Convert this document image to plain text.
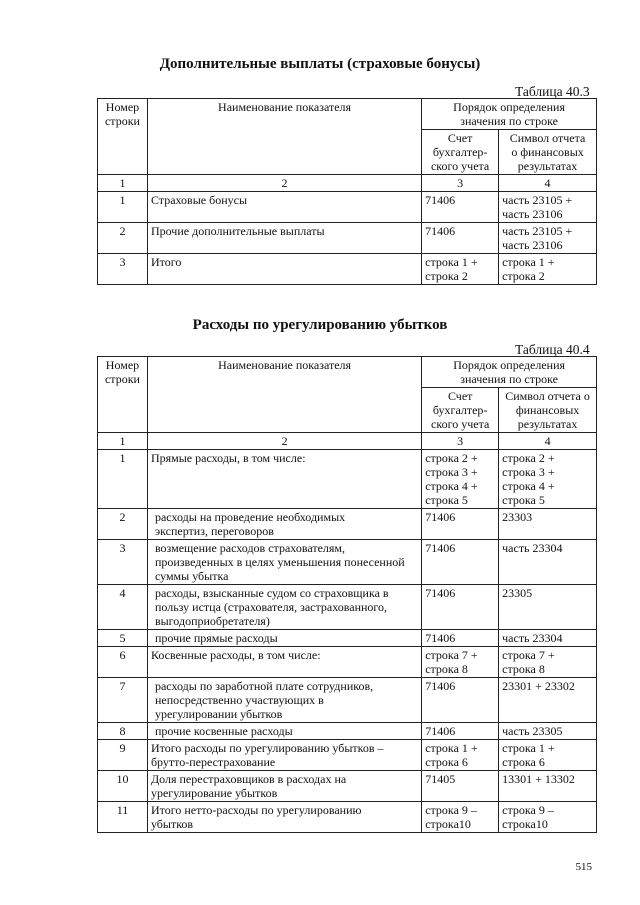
Дополнительные выплаты (страховые бонусы)
Таблица 40.3
Номер
строки	Наименование показателя	Порядок определения
значения по строке	
		Счет
бухгалтер-
ского учета	Символ отчета
о финансовых
результатах
1	2	3	4
1	Страховые бонусы	71406	часть 23105 +
часть 23106
2	Прочие дополнительные выплаты	71406	часть 23105 +
часть 23106
3	Итого	строка 1 +
строка 2	строка 1 +
строка 2
Расходы по урегулированию убытков
Таблица 40.4
Номер
строки	Наименование показателя	Порядок определения
значения по строке	
		Счет
бухгалтер-
ского учета	Символ отчета о
финансовых
результатах
1	2	3	4
1	Прямые расходы, в том числе:	строка 2 +
строка 3 +
строка 4 +
строка 5	строка 2 +
строка 3 +
строка 4 +
строка 5
2	расходы на проведение необходимых
экспертиз, переговоров	71406	23303
3	возмещение расходов страхователям,
произведенных в целях уменьшения понесенной
суммы убытка	71406	часть 23304
4	расходы, взысканные судом со страховщика в
пользу истца (страхователя, застрахованного,
выгодоприобретателя)	71406	23305
5	прочие прямые расходы	71406	часть 23304
6	Косвенные расходы, в том числе:	строка 7 +
строка 8	строка 7 +
строка 8
7	расходы по заработной плате сотрудников,
непосредственно участвующих в
урегулировании убытков	71406	23301 + 23302
8	прочие косвенные расходы	71406	часть 23305
9	Итого расходы по урегулированию убытков –
брутто-перестрахование	строка 1 +
строка 6	строка 1 +
строка 6
10	Доля перестраховщиков в расходах на
урегулирование убытков	71405	13301 + 13302
11	Итого нетто-расходы по урегулированию
убытков	строка 9 –
строка10	строка 9 –
строка10
515
